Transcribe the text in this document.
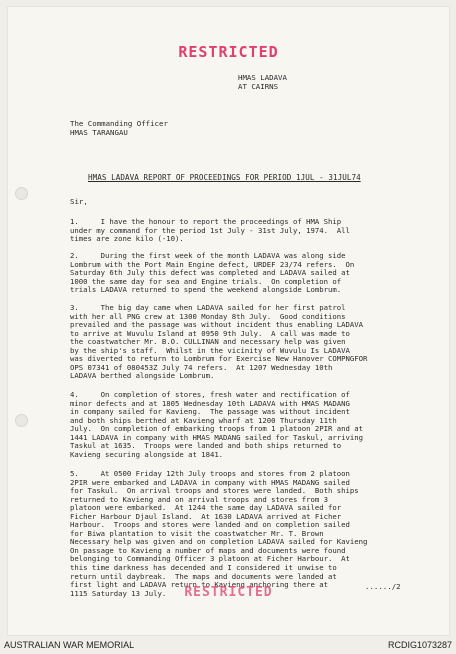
RESTRICTED
HMAS LADAVA
AT CAIRNS
The Commanding Officer
HMAS TARANGAU
HMAS LADAVA REPORT OF PROCEEDINGS FOR PERIOD 1JUL - 31JUL74
Sir,
1.     I have the honour to report the proceedings of HMA Ship
under my command for the period 1st July - 31st July, 1974.  All
times are zone kilo (-10).
2.     During the first week of the month LADAVA was along side
Lombrum with the Port Main Engine defect, URDEF 23/74 refers.  On
Saturday 6th July this defect was completed and LADAVA sailed at
1000 the same day for sea and Engine trials.  On completion of
trials LADAVA returned to spend the weekend alongside Lombrum.
3.     The big day came when LADAVA sailed for her first patrol
with her all PNG crew at 1300 Monday 8th July.  Good conditions
prevailed and the passage was without incident thus enabling LADAVA
to arrive at Wuvulu Island at 0950 9th July.  A call was made to
the coastwatcher Mr. B.O. CULLINAN and necessary help was given
by the ship's staff.  Whilst in the vicinity of Wuvulu Is LADAVA
was diverted to return to Lombrum for Exercise New Hanover COMPNGFOR
OPS 07341 of 080453Z July 74 refers.  At 1207 Wednesday 10th
LADAVA berthed alongside Lombrum.
4.     On completion of stores, fresh water and rectification of
minor defects and at 1805 Wednesday 10th LADAVA with HMAS MADANG
in company sailed for Kavieng.  The passage was without incident
and both ships berthed at Kavieng wharf at 1200 Thursday 11th
July.  On completion of embarking troops from 1 platoon 2PIR and at
1441 LADAVA in company with HMAS MADANG sailed for Taskul, arriving
Taskul at 1635.  Troops were landed and both ships returned to
Kavieng securing alongside at 1841.
5.     At 0500 Friday 12th July troops and stores from 2 platoon
2PIR were embarked and LADAVA in company with HMAS MADANG sailed
for Taskul.  On arrival troops and stores were landed.  Both ships
returned to Kavieng and on arrival troops and stores from 3
platoon were embarked.  At 1244 the same day LADAVA sailed for
Ficher Harbour Djaul Island.  At 1630 LADAVA arrived at Ficher
Harbour.  Troops and stores were landed and on completion sailed
for Biwa plantation to visit the coastwatcher Mr. T. Brown
Necessary help was given and on completion LADAVA sailed for Kavieng
On passage to Kavieng a number of maps and documents were found
belonging to Commanding Officer 3 platoon at Ficher Harbour.  At
this time darkness has decended and I considered it unwise to
return until daybreak.  The maps and documents were landed at
first light and LADAVA return to Kavieng anchoring there at
1115 Saturday 13 July.
....../2
RESTRICTED
AUSTRALIAN WAR MEMORIAL	RCDIG1073287
